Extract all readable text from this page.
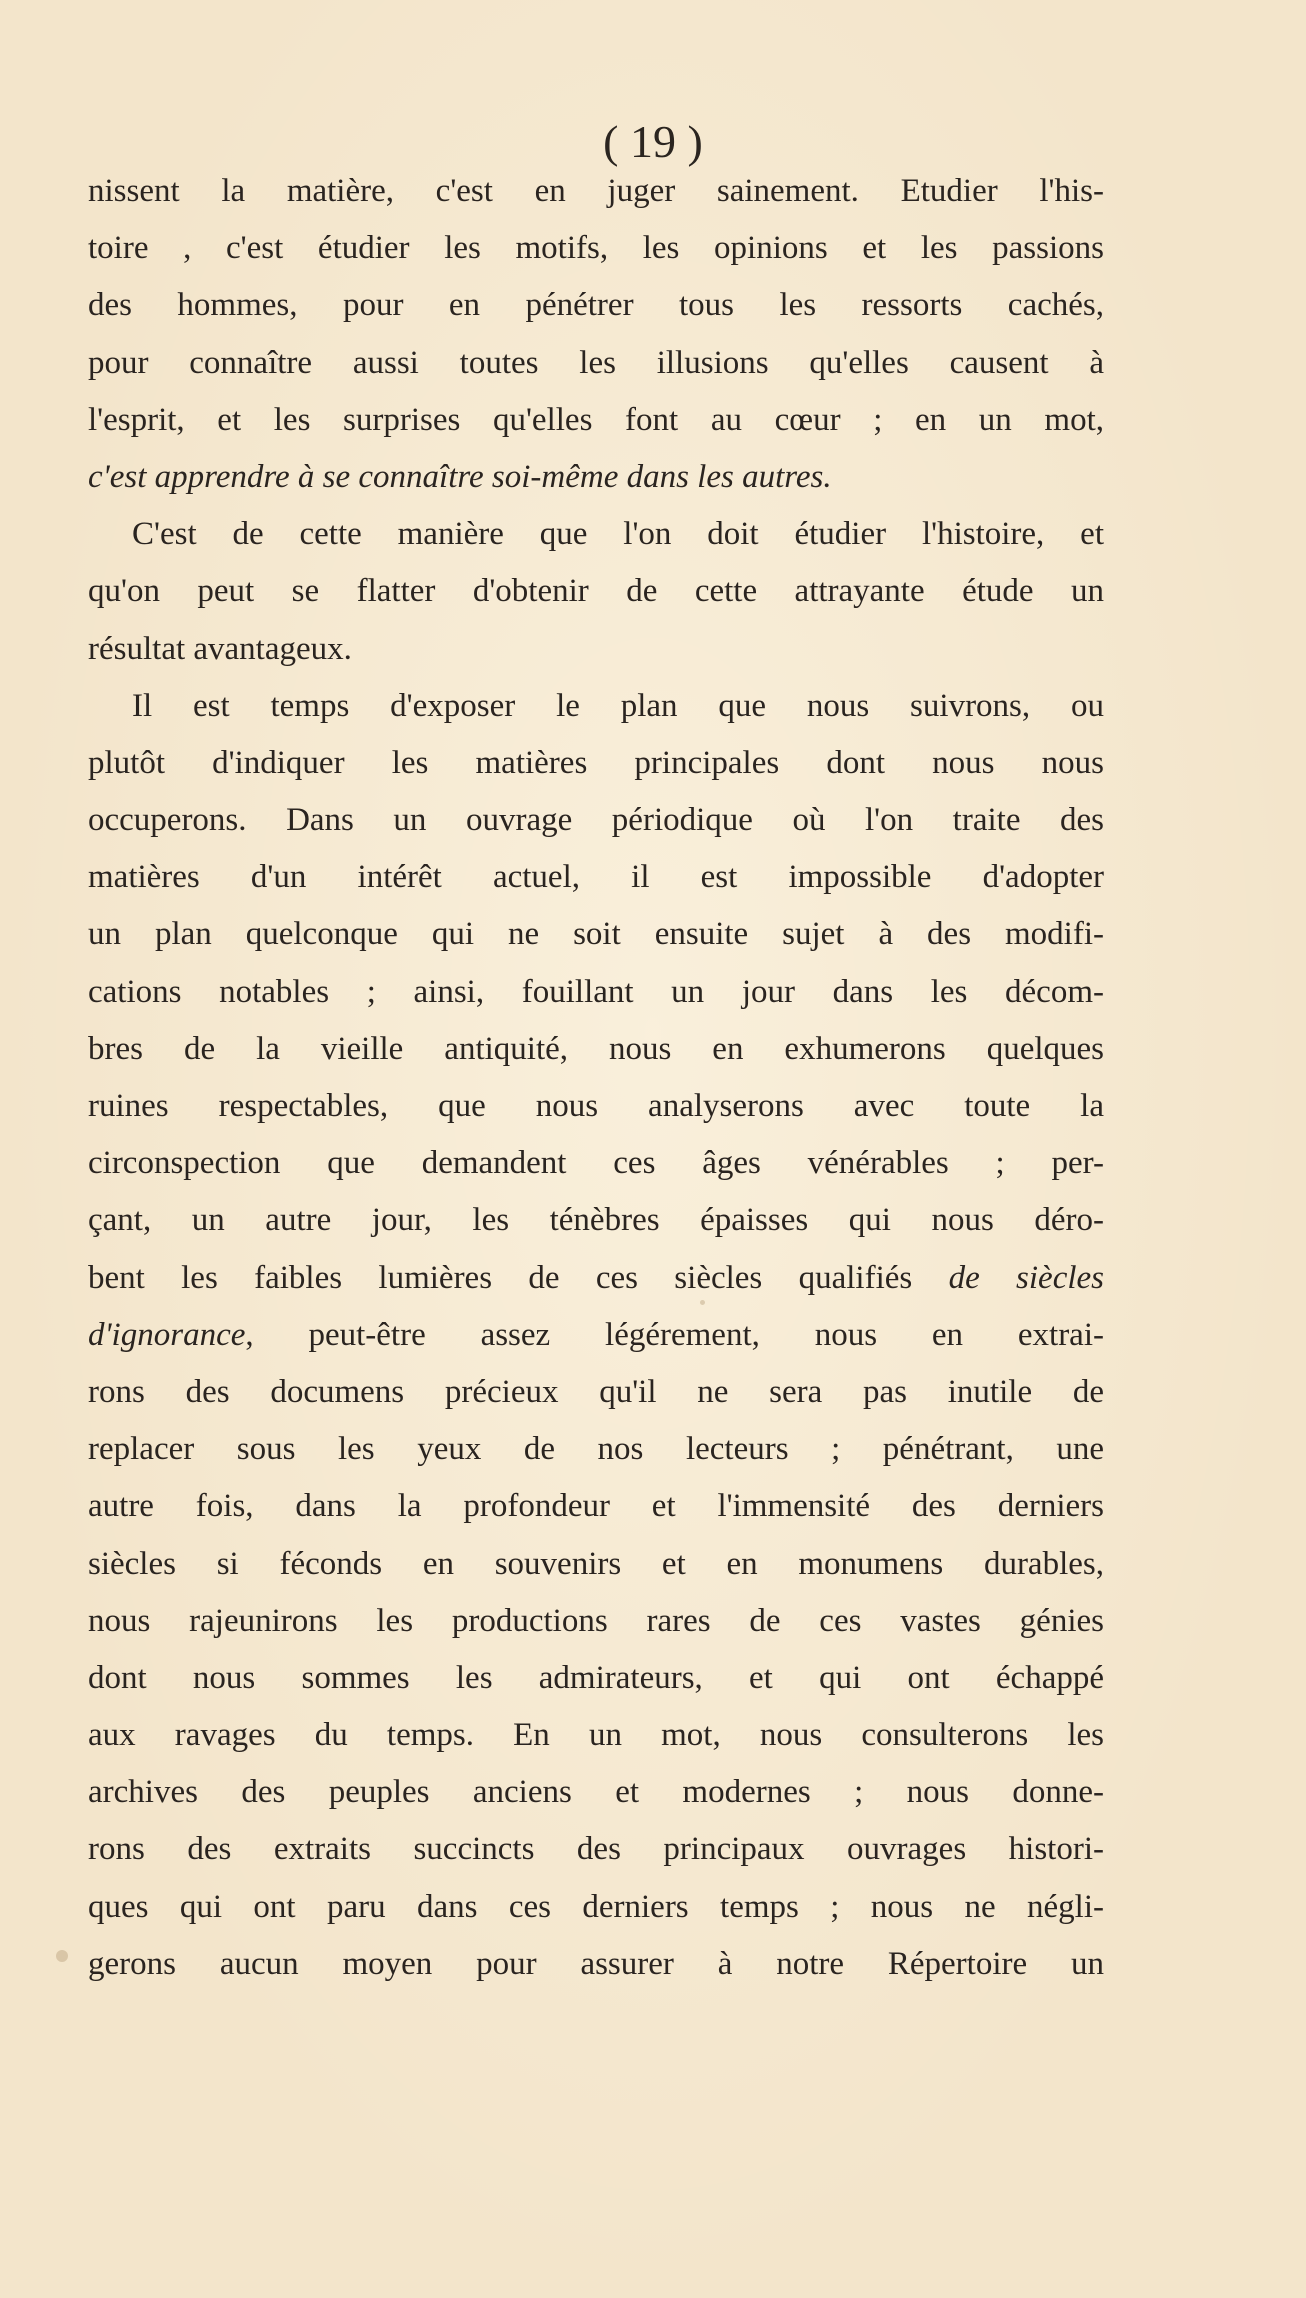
( 19 )
nissent la matière, c'est en juger sainement. Etudier l'his-
toire , c'est étudier les motifs, les opinions et les passions
des hommes, pour en pénétrer tous les ressorts cachés,
pour connaître aussi toutes les illusions qu'elles causent à
l'esprit, et les surprises qu'elles font au cœur ; en un mot,
c'est apprendre à se connaître soi-même dans les autres.
C'est de cette manière que l'on doit étudier l'histoire, et
qu'on peut se flatter d'obtenir de cette attrayante étude un
résultat avantageux.
Il est temps d'exposer le plan que nous suivrons, ou
plutôt d'indiquer les matières principales dont nous nous
occuperons. Dans un ouvrage périodique où l'on traite des
matières d'un intérêt actuel, il est impossible d'adopter
un plan quelconque qui ne soit ensuite sujet à des modifi-
cations notables ; ainsi, fouillant un jour dans les décom-
bres de la vieille antiquité, nous en exhumerons quelques
ruines respectables, que nous analyserons avec toute la
circonspection que demandent ces âges vénérables ; per-
çant, un autre jour, les ténèbres épaisses qui nous déro-
bent les faibles lumières de ces siècles qualifiés de siècles
d'ignorance, peut-être assez légérement, nous en extrai-
rons des documens précieux qu'il ne sera pas inutile de
replacer sous les yeux de nos lecteurs ; pénétrant, une
autre fois, dans la profondeur et l'immensité des derniers
siècles si féconds en souvenirs et en monumens durables,
nous rajeunirons les productions rares de ces vastes génies
dont nous sommes les admirateurs, et qui ont échappé
aux ravages du temps. En un mot, nous consulterons les
archives des peuples anciens et modernes ; nous donne-
rons des extraits succincts des principaux ouvrages histori-
ques qui ont paru dans ces derniers temps ; nous ne négli-
gerons aucun moyen pour assurer à notre Répertoire un
